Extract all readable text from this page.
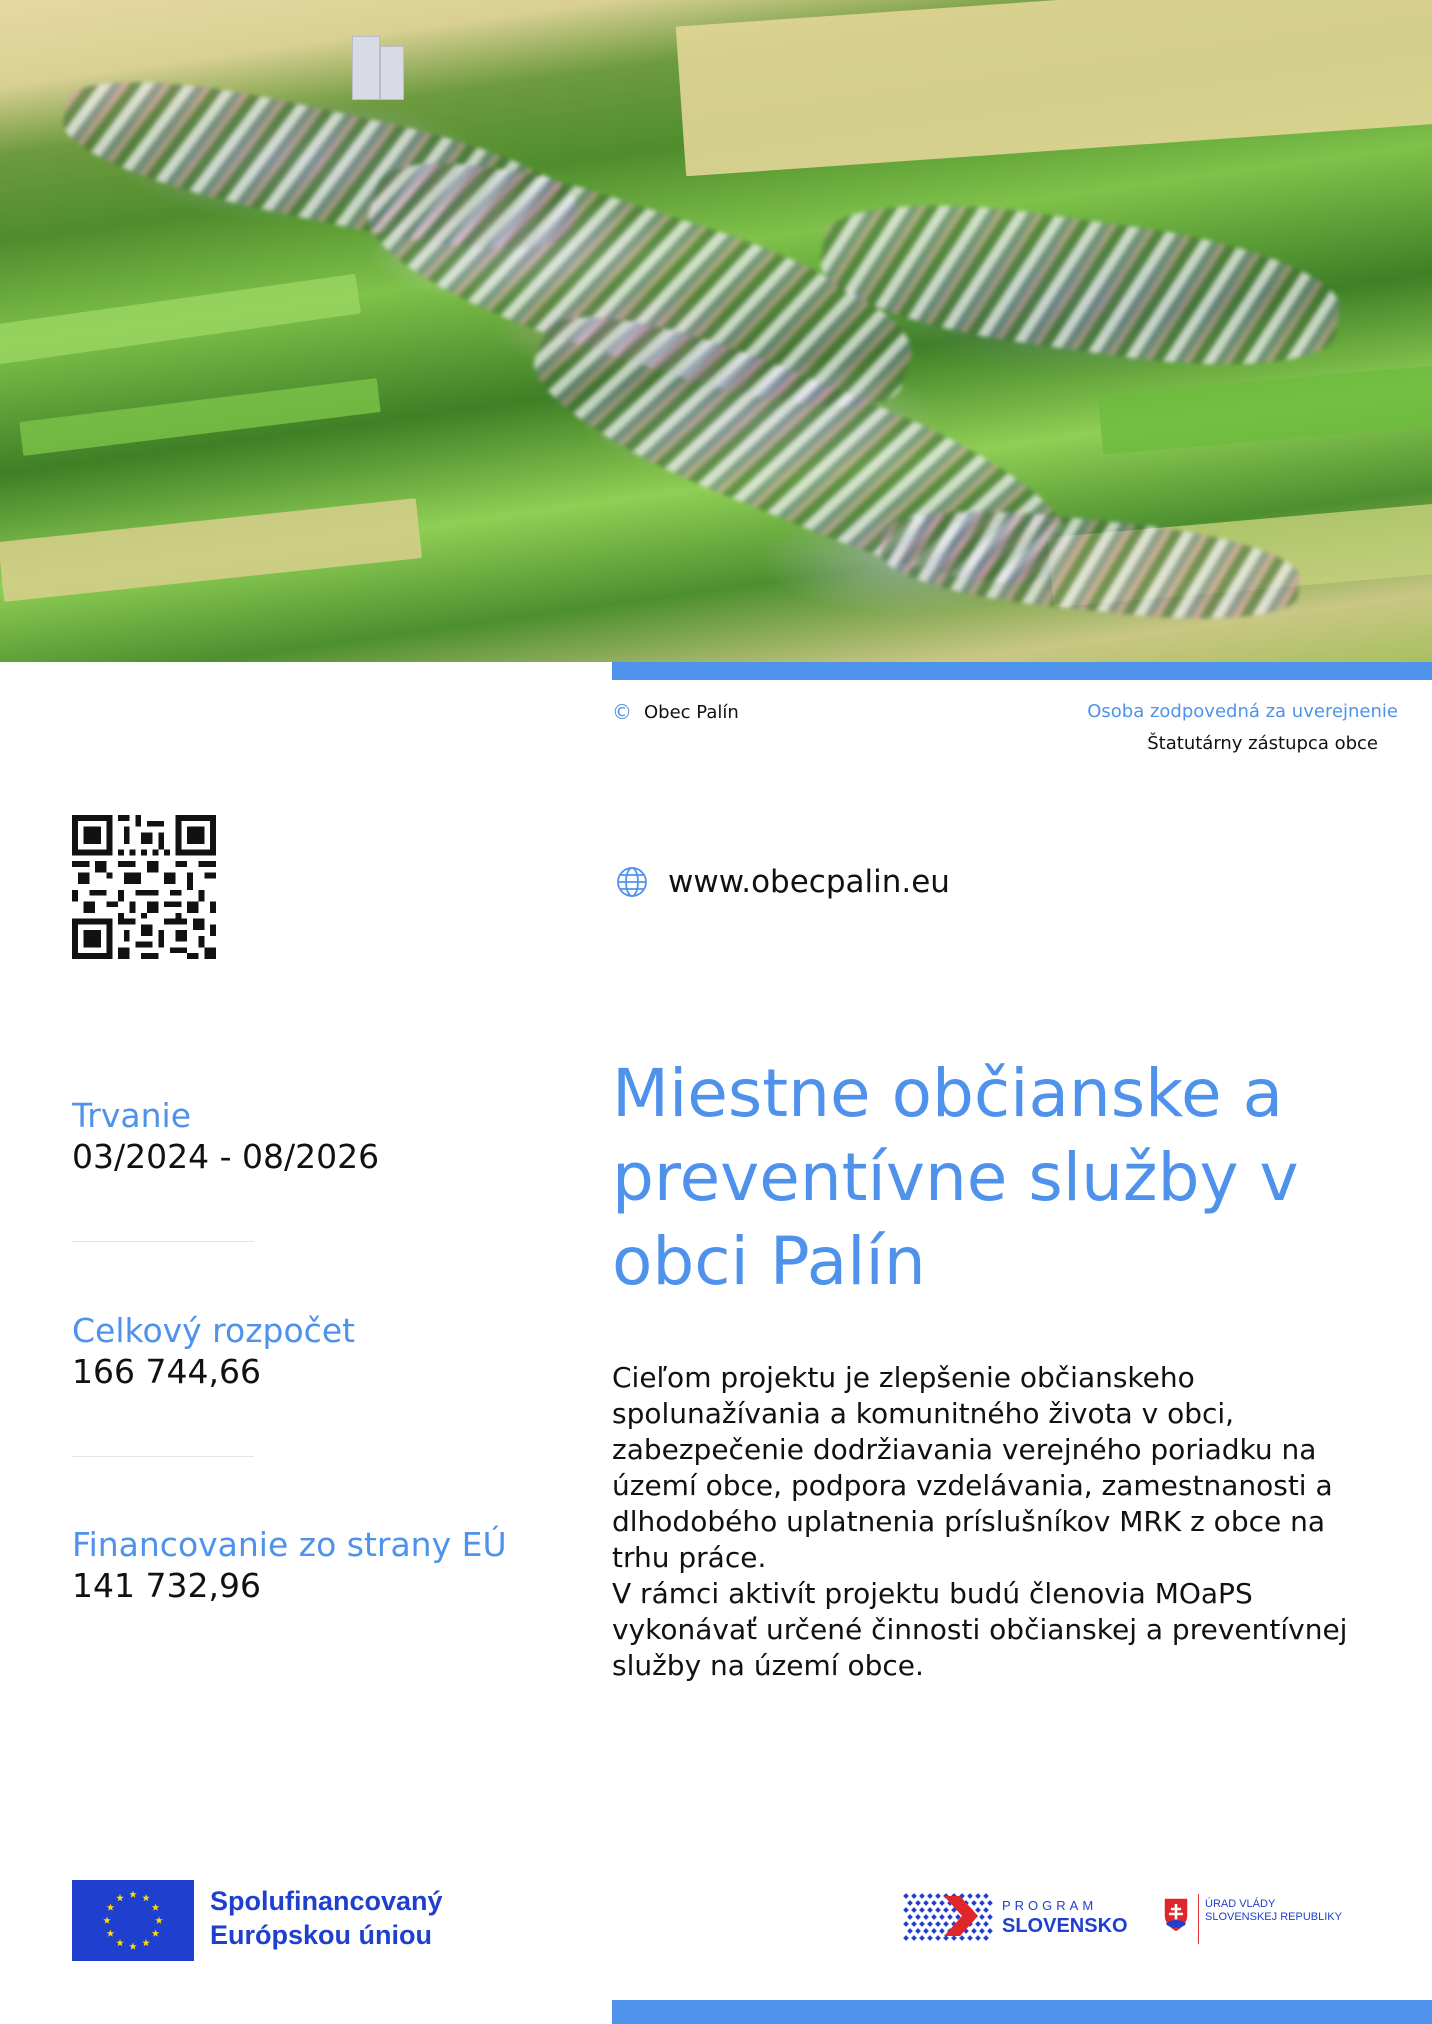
© Obec Palín	Osoba zodpovedná za uverejnenie
Štatutárny zástupca obce
www.obecpalin.eu
Trvanie
03/2024 - 08/2026
Celkový rozpočet
166 744,66
Financovanie zo strany EÚ
141 732,96
Miestne občianske a preventívne služby v obci Palín

Cieľom projektu je zlepšenie občianskeho spolunažívania a komunitného života v obci, zabezpečenie dodržiavania verejného poriadku na území obce, podpora vzdelávania, zamestnanosti a dlhodobého uplatnenia príslušníkov MRK z obce na trhu práce.

V rámci aktivít projektu budú členovia MOaPS vykonávať určené činnosti občianskej a preventívnej služby na území obce.

Spolufinancovaný
Európskou úniou
PROGRAM
SLOVENSKO
ÚRAD VLÁDY
SLOVENSKEJ REPUBLIKY
